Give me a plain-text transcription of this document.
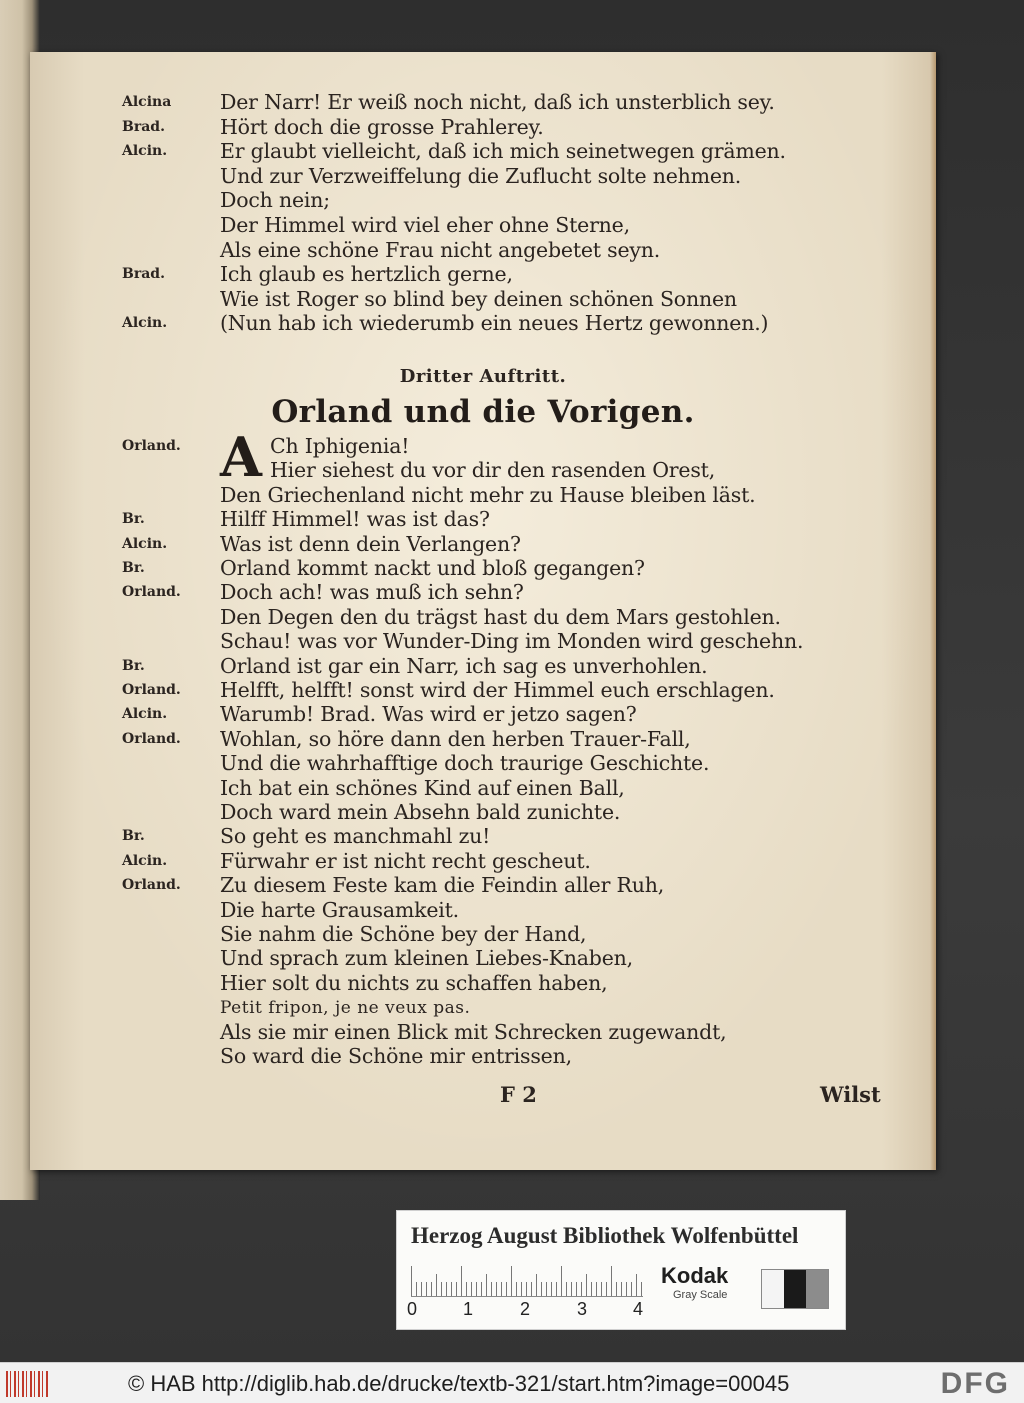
Alcina Der Narr! Er weiß noch nicht, daß ich unsterblich sey.
Brad.	Hört doch die grosse Prahlerey.
Alcin.	Er glaubt vielleicht, daß ich mich seinetwegen grämen.
Und zur Verzweiffelung die Zuflucht solte nehmen.
Doch nein;
Der Himmel wird viel eher ohne Sterne,
Als eine schöne Frau nicht angebetet seyn.
Brad.	Ich glaub es hertzlich gerne,
Wie ist Roger so blind bey deinen schönen Sonnen
Alcin.	(Nun hab ich wiederumb ein neues Hertz gewonnen.)
Dritter Auftritt.
Orland und die Vorigen.
A
Orland.	Ch Iphigenia!
Hier siehest du vor dir den rasenden Orest,
Den Griechenland nicht mehr zu Hause bleiben läst.
Br.	Hilff Himmel! was ist das?
Alcin.	Was ist denn dein Verlangen?
Br.	Orland kommt nackt und bloß gegangen?
Orland. Doch ach! was muß ich sehn?
Den Degen den du trägst hast du dem Mars gestohlen.
Schau! was vor Wunder-Ding im Monden wird geschehn.
Br.	Orland ist gar ein Narr, ich sag es unverhohlen.
Orland. Helfft, helfft! sonst wird der Himmel euch erschlagen.
Alcin.	Warumb! Brad. Was wird er jetzo sagen?
Orland. Wohlan, so höre dann den herben Trauer-Fall,
Und die wahrhafftige doch traurige Geschichte.
Ich bat ein schönes Kind auf einen Ball,
Doch ward mein Absehn bald zunichte.
Br.	So geht es manchmahl zu!
Alcin.	Fürwahr er ist nicht recht gescheut.
Orland. Zu diesem Feste kam die Feindin aller Ruh,
Die harte Grausamkeit.
Sie nahm die Schöne bey der Hand,
Und sprach zum kleinen Liebes-Knaben,
Hier solt du nichts zu schaffen haben,
Petit fripon, je ne veux pas.
Als sie mir einen Blick mit Schrecken zugewandt,
So ward die Schöne mir entrissen,
F 2	Wilst
Herzog August Bibliothek Wolfenbüttel
0	1	2	3	4
Kodak
Gray Scale
© HAB http://diglib.hab.de/drucke/textb-321/start.htm?image=00045	DFG
